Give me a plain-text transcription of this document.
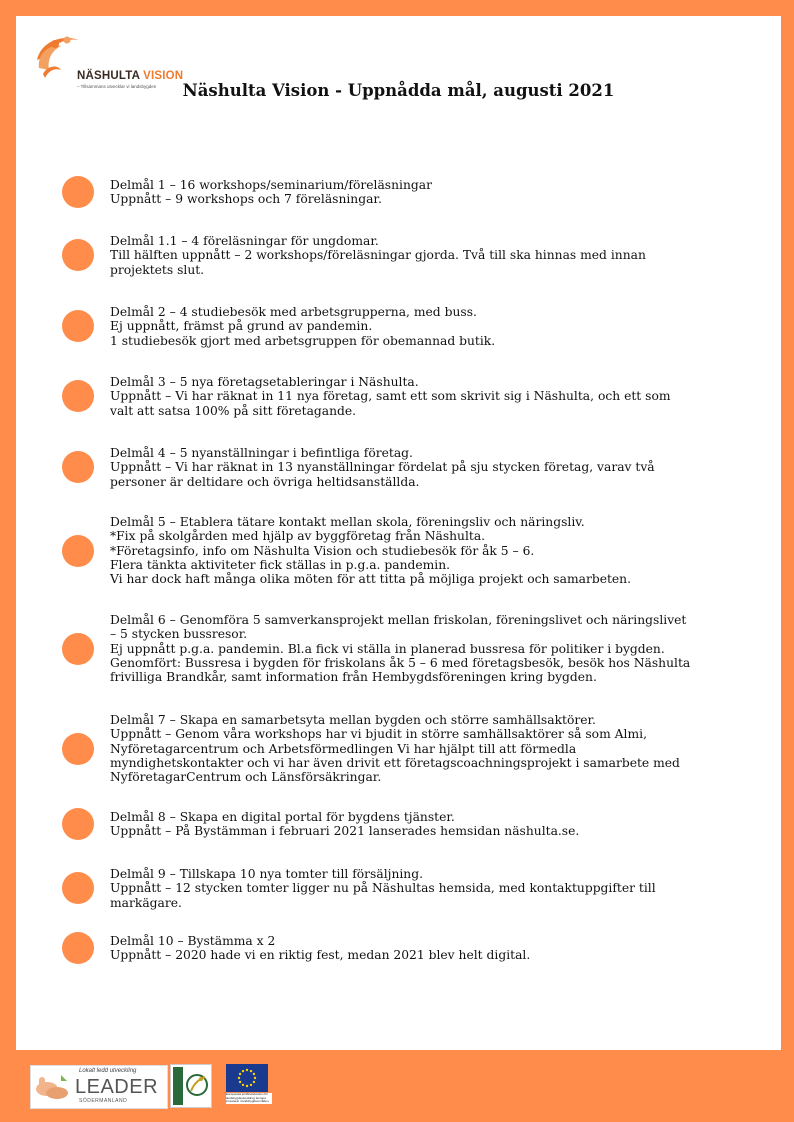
NÄSHULTA VISION
– Tillsammans utvecklar vi landsbygden	Näshulta Vision - Uppnådda mål, augusti 2021
Delmål 1 – 16 workshops/seminarium/föreläsningar
Uppnått – 9 workshops och 7 föreläsningar.
Delmål 1.1 – 4 föreläsningar för ungdomar.
Till hälften uppnått – 2 workshops/föreläsningar gjorda. Två till ska hinnas med innan
projektets slut.
Delmål 2 – 4 studiebesök med arbetsgrupperna, med buss.
Ej uppnått, främst på grund av pandemin.
1 studiebesök gjort med arbetsgruppen för obemannad butik.
Delmål 3 – 5 nya företagsetableringar i Näshulta.
Uppnått – Vi har räknat in 11 nya företag, samt ett som skrivit sig i Näshulta, och ett som
valt att satsa 100% på sitt företagande.
Delmål 4 – 5 nyanställningar i befintliga företag.
Uppnått – Vi har räknat in 13 nyanställningar fördelat på sju stycken företag, varav två
personer är deltidare och övriga heltidsanställda.
Delmål 5 – Etablera tätare kontakt mellan skola, föreningsliv och näringsliv.
*Fix på skolgården med hjälp av byggföretag från Näshulta.
*Företagsinfo, info om Näshulta Vision och studiebesök för åk 5 – 6.
Flera tänkta aktiviteter fick ställas in p.g.a. pandemin.
Vi har dock haft många olika möten för att titta på möjliga projekt och samarbeten.
Delmål 6 – Genomföra 5 samverkansprojekt mellan friskolan, föreningslivet och näringslivet
– 5 stycken bussresor.
Ej uppnått p.g.a. pandemin. Bl.a fick vi ställa in planerad bussresa för politiker i bygden.
Genomfört: Bussresa i bygden för friskolans åk 5 – 6 med företagsbesök, besök hos Näshulta
frivilliga Brandkår, samt information från Hembygdsföreningen kring bygden.
Delmål 7 – Skapa en samarbetsyta mellan bygden och större samhällsaktörer.
Uppnått – Genom våra workshops har vi bjudit in större samhällsaktörer så som Almi,
Nyföretagarcentrum och Arbetsförmedlingen Vi har hjälpt till att förmedla
myndighetskontakter och vi har även drivit ett företagscoachningsprojekt i samarbete med
NyföretagarCentrum och Länsförsäkringar.
Delmål 8 – Skapa en digital portal för bygdens tjänster.
Uppnått – På Bystämman i februari 2021 lanserades hemsidan näshulta.se.
Delmål 9 – Tillskapa 10 nya tomter till försäljning.
Uppnått – 12 stycken tomter ligger nu på Näshultas hemsida, med kontaktuppgifter till
markägare.
Delmål 10 – Bystämma x 2
Uppnått – 2020 hade vi en riktig fest, medan 2021 blev helt digital.
Lokalt ledd utveckling
LEADER
SÖDERMANLAND
Europeiska jordbruksfonden för landsbygdsutveckling: Europa investerar i landsbygdsområden
